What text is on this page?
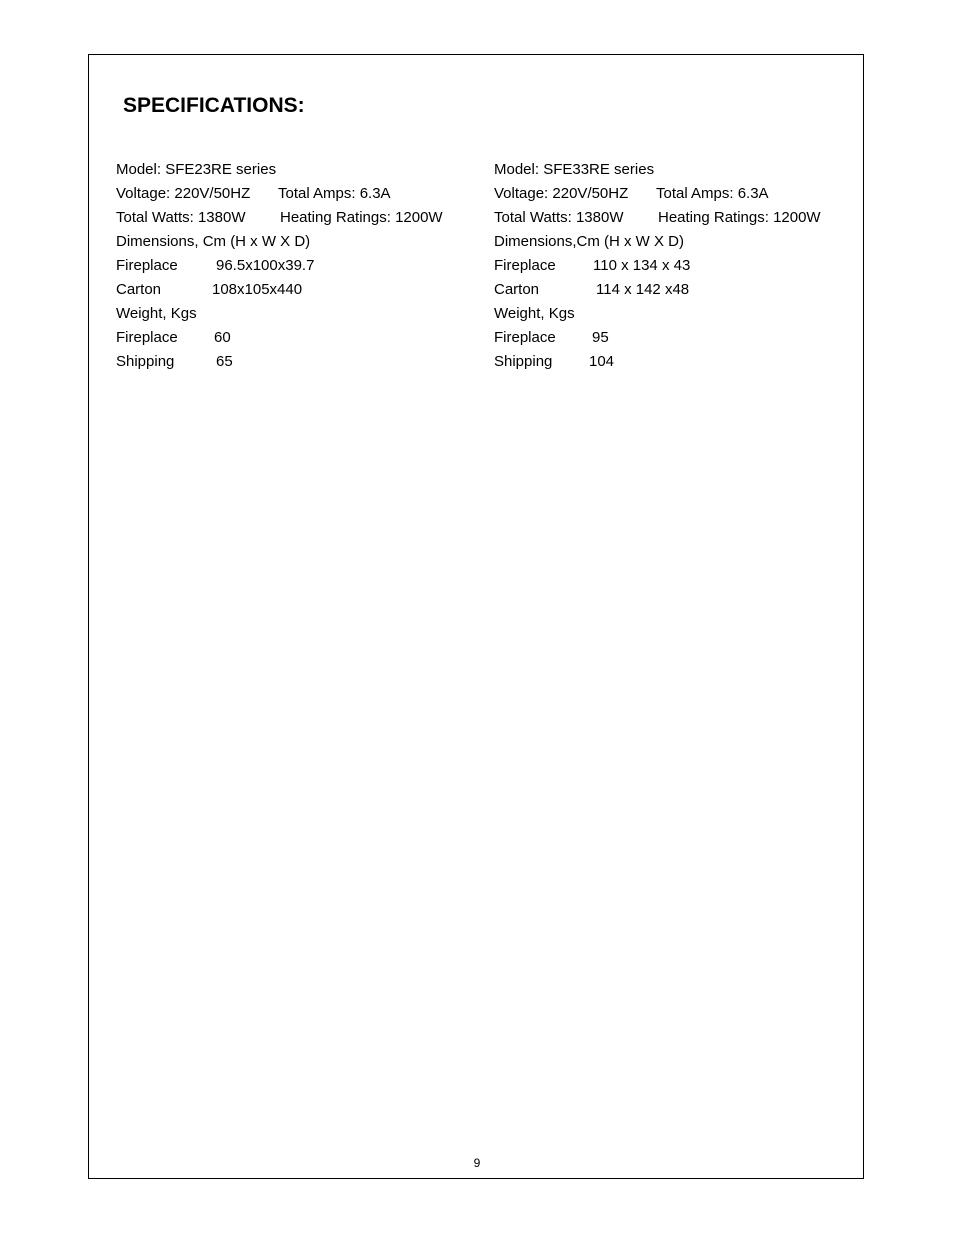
SPECIFICATIONS:
Model: SFE23RE series
Voltage: 220V/50HZ Total Amps: 6.3A
Total Watts: 1380W Heating Ratings: 1200W
Dimensions, Cm (H x W X D)
Fireplace	96.5x100x39.7
Carton	108x105x440
Weight, Kgs
Fireplace 60
Shipping	65
Model: SFE33RE series
Voltage: 220V/50HZ Total Amps: 6.3A
Total Watts: 1380W Heating Ratings: 1200W
Dimensions,Cm (H x W X D)
Fireplace 110 x 134 x 43
Carton	114 x 142 x48
Weight, Kgs
Fireplace 95
Shipping 104
9
